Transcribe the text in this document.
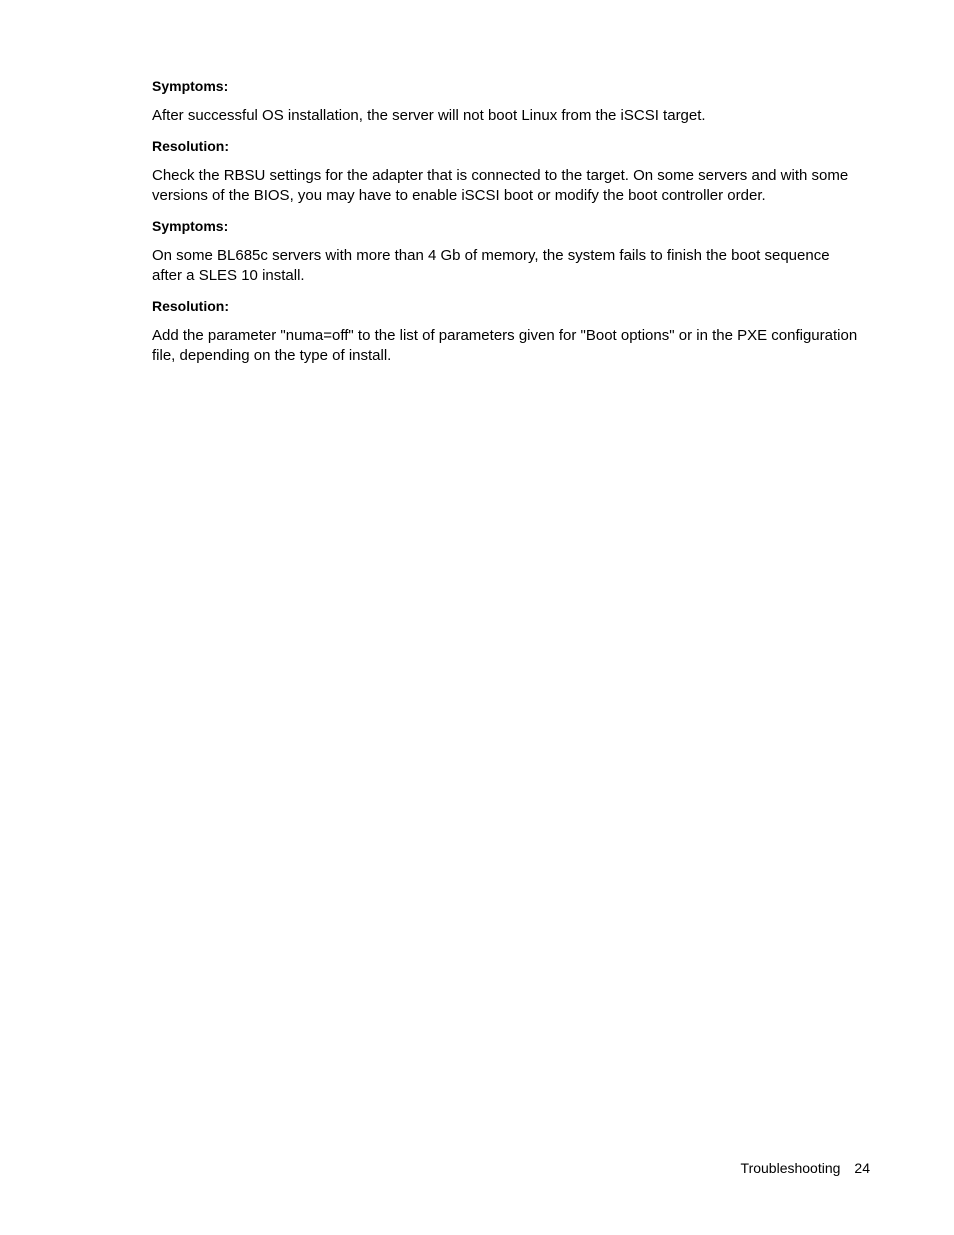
Symptoms:

After successful OS installation, the server will not boot Linux from the iSCSI target.

Resolution:

Check the RBSU settings for the adapter that is connected to the target. On some servers and with some versions of the BIOS, you may have to enable iSCSI boot or modify the boot controller order.

Symptoms:

On some BL685c servers with more than 4 Gb of memory, the system fails to finish the boot sequence after a SLES 10 install.

Resolution:

Add the parameter "numa=off" to the list of parameters given for "Boot options" or in the PXE configuration file, depending on the type of install.

Troubleshooting 24
